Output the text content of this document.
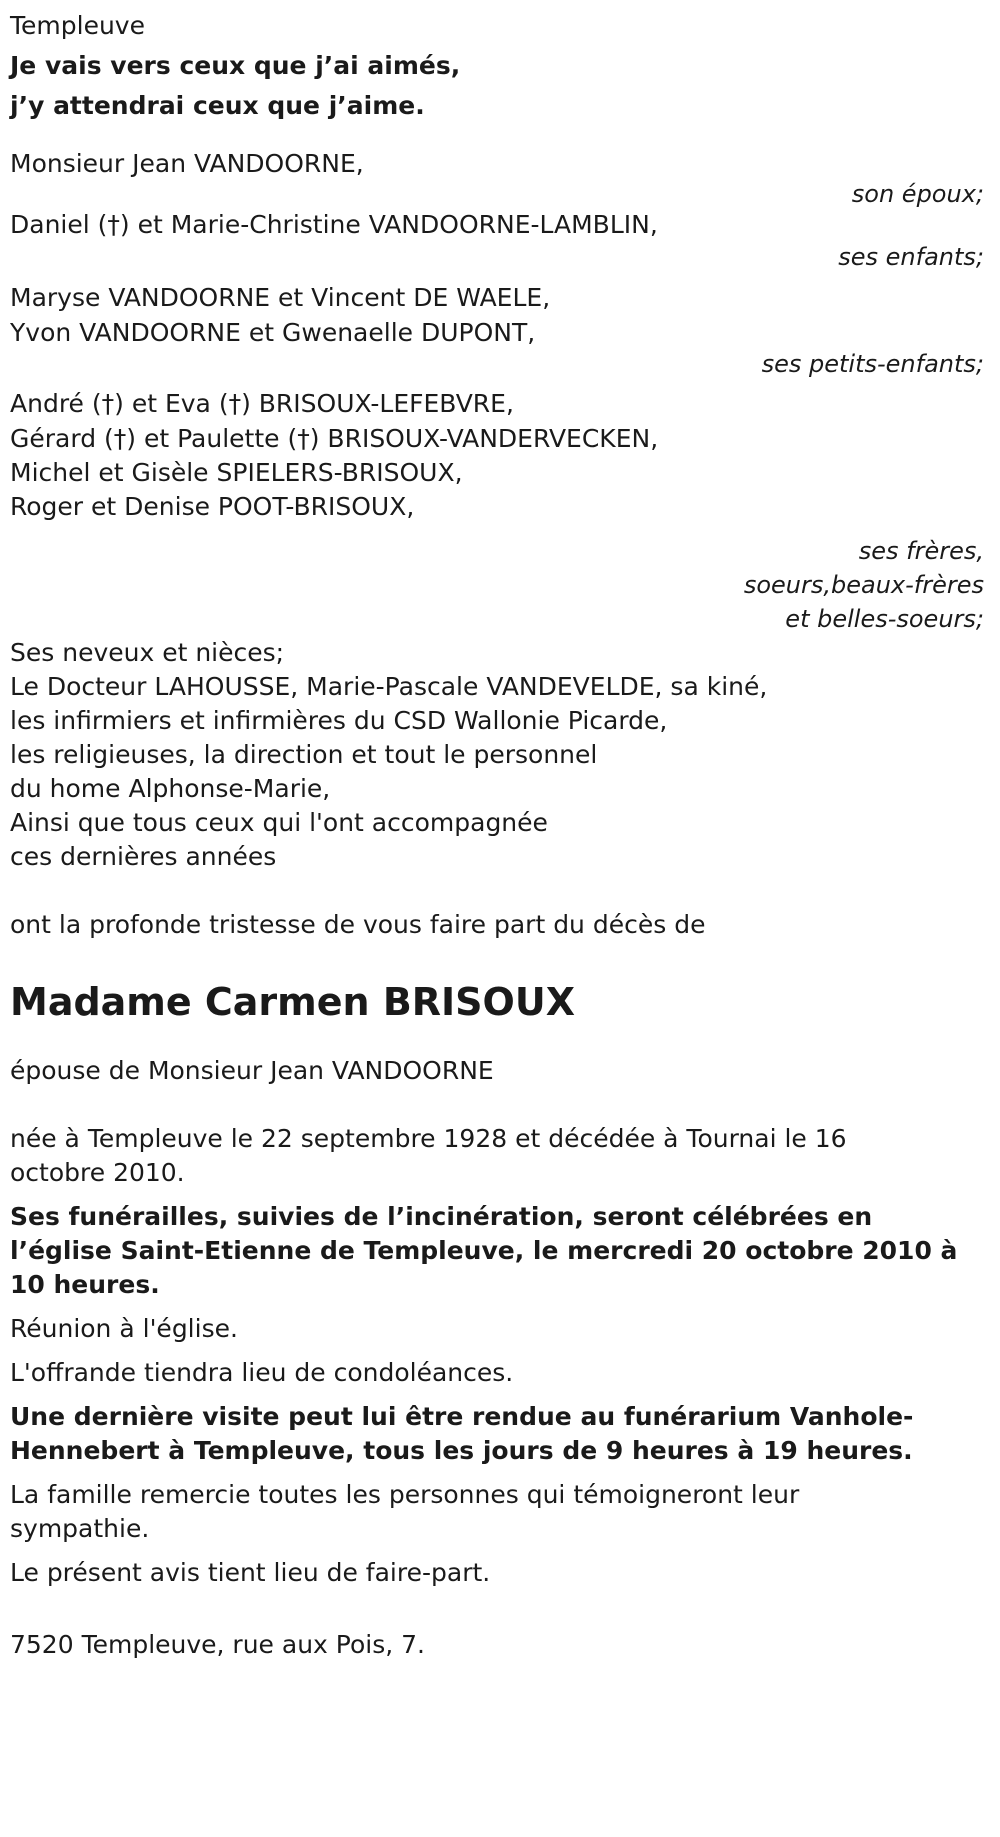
Templeuve
Je vais vers ceux que j’ai aimés,
j’y attendrai ceux que j’aime.
Monsieur Jean VANDOORNE,
son époux;
Daniel (†) et Marie-Christine VANDOORNE-LAMBLIN,
ses enfants;
Maryse VANDOORNE et Vincent DE WAELE,
Yvon VANDOORNE et Gwenaelle DUPONT,
ses petits-enfants;
André (†) et Eva (†) BRISOUX-LEFEBVRE,
Gérard (†) et Paulette (†) BRISOUX-VANDERVECKEN,
Michel et Gisèle SPIELERS-BRISOUX,
Roger et Denise POOT-BRISOUX,
ses frères,
soeurs,beaux-frères
et belles-soeurs;
Ses neveux et nièces;
Le Docteur LAHOUSSE, Marie-Pascale VANDEVELDE, sa kiné,
les infirmiers et infirmières du CSD Wallonie Picarde,
les religieuses, la direction et tout le personnel
du home Alphonse-Marie,
Ainsi que tous ceux qui l'ont accompagnée
ces dernières années
ont la profonde tristesse de vous faire part du décès de
Madame Carmen BRISOUX
épouse de Monsieur Jean VANDOORNE
née à Templeuve le 22 septembre 1928 et décédée à Tournai le 16 octobre 2010.
Ses funérailles, suivies de l’incinération, seront célébrées en l’église Saint-Etienne de Templeuve, le mercredi 20 octobre 2010 à 10 heures.
Réunion à l'église.
L'offrande tiendra lieu de condoléances.
Une dernière visite peut lui être rendue au funérarium Vanhole-Hennebert à Templeuve, tous les jours de 9 heures à 19 heures.
La famille remercie toutes les personnes qui témoigneront leur sympathie.
Le présent avis tient lieu de faire-part.
7520 Templeuve, rue aux Pois, 7.
